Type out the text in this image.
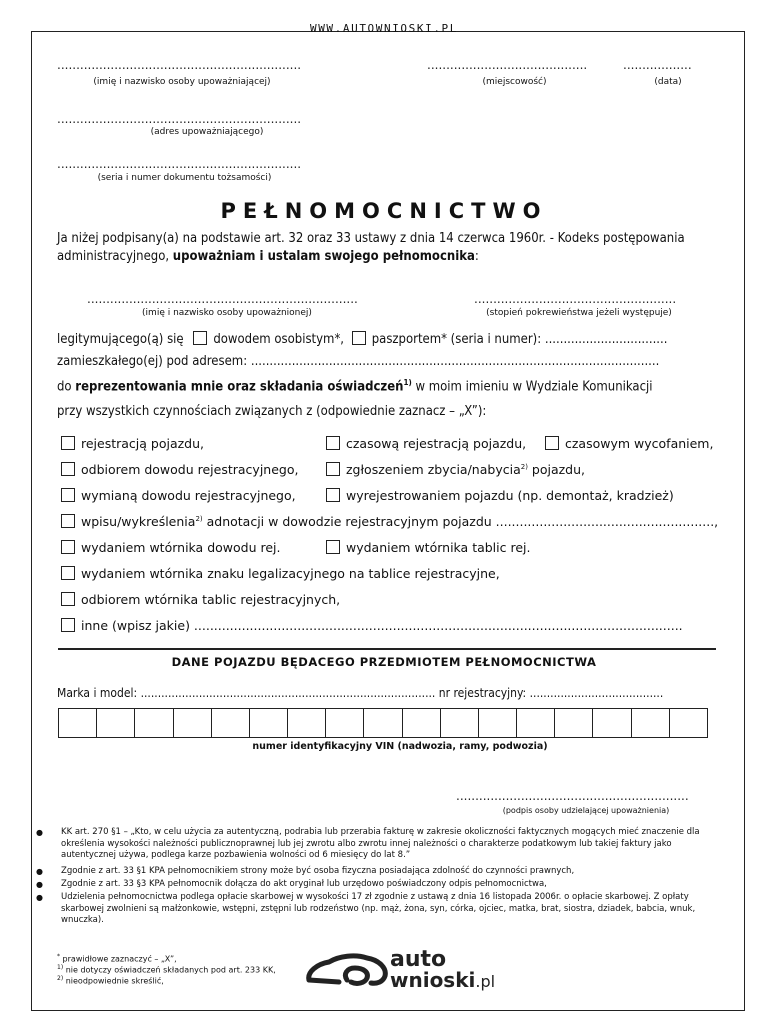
WWW.AUTOWNIOSKI.PL
................................................................
(imię i nazwisko osoby upoważniającej)
..........................................
(miejscowość)
..................
(data)
................................................................
(adres upoważniającego)
................................................................
(seria i numer dokumentu tożsamości)
PEŁNOMOCNICTWO
Ja niżej podpisany(a) na podstawie art. 32 oraz 33 ustawy z dnia 14 czerwca 1960r. - Kodeks postępowania
administracyjnego, upoważniam i ustalam swojego pełnomocnika:
.......................................................................
(imię i nazwisko osoby upoważnionej)
.....................................................
(stopień pokrewieństwa jeżeli występuje)
legitymującego(ą) się dowodem osobistym*, paszportem* (seria i numer): .................................
zamieszkałego(ej) pod adresem: ..............................................................................................................
do reprezentowania mnie oraz składania oświadczeń$^{1)}$ w moim imieniu w Wydziale Komunikacji
przy wszystkich czynnościach związanych z (odpowiednie zaznacz – „X”):
rejestracją pojazdu,	czasową rejestracją pojazdu,	czasowym wycofaniem,
odbiorem dowodu rejestracyjnego,	zgłoszeniem zbycia/nabycia$^{2)}$ pojazdu,
wymianą dowodu rejestracyjnego,	wyrejestrowaniem pojazdu (np. demontaż, kradzież)
wpisu/wykreślenia$^{2)}$ adnotacji w dowodzie rejestracyjnym pojazdu .......................................................,
wydaniem wtórnika dowodu rej.	wydaniem wtórnika tablic rej.
wydaniem wtórnika znaku legalizacyjnego na tablice rejestracyjne,
odbiorem wtórnika tablic rejestracyjnych,
inne (wpisz jakie) ...........................................................................................................................
DANE POJAZDU BĘDACEGO PRZEDMIOTEM PEŁNOMOCNICTWA
Marka i model: ...................................................................................... nr rejestracyjny: .......................................
numer identyfikacyjny VIN (nadwozia, ramy, podwozia)
.............................................................
(podpis osoby udzielającej upoważnienia)
● KK art. 270 §1 – „Kto, w celu użycia za autentyczną, podrabia lub przerabia fakturę w zakresie okoliczności faktycznych mogących mieć znaczenie dla określenia wysokości należności publicznoprawnej lub jej zwrotu albo zwrotu innej należności o charakterze podatkowym lub takiej faktury jako autentycznej używa, podlega karze pozbawienia wolności od 6 miesięcy do lat 8.”
● Zgodnie z art. 33 §1 KPA pełnomocnikiem strony może być osoba fizyczna posiadająca zdolność do czynności prawnych,
● Zgodnie z art. 33 §3 KPA pełnomocnik dołącza do akt oryginał lub urzędowo poświadczony odpis pełnomocnictwa,
● Udzielenia pełnomocnictwa podlega opłacie skarbowej w wysokości 17 zł zgodnie z ustawą z dnia 16 listopada 2006r. o opłacie skarbowej. Z opłaty skarbowej zwolnieni są małżonkowie, wstępni, zstępni lub rodzeństwo (np. mąż, żona, syn, córka, ojciec, matka, brat, siostra, dziadek, babcia, wnuk, wnuczka).
* prawidłowe zaznaczyć – „X”,
$^{1)}$ nie dotyczy oświadczeń składanych pod art. 233 KK,
$^{2)}$ nieodpowiednie skreślić,
auto
wnioski.pl
